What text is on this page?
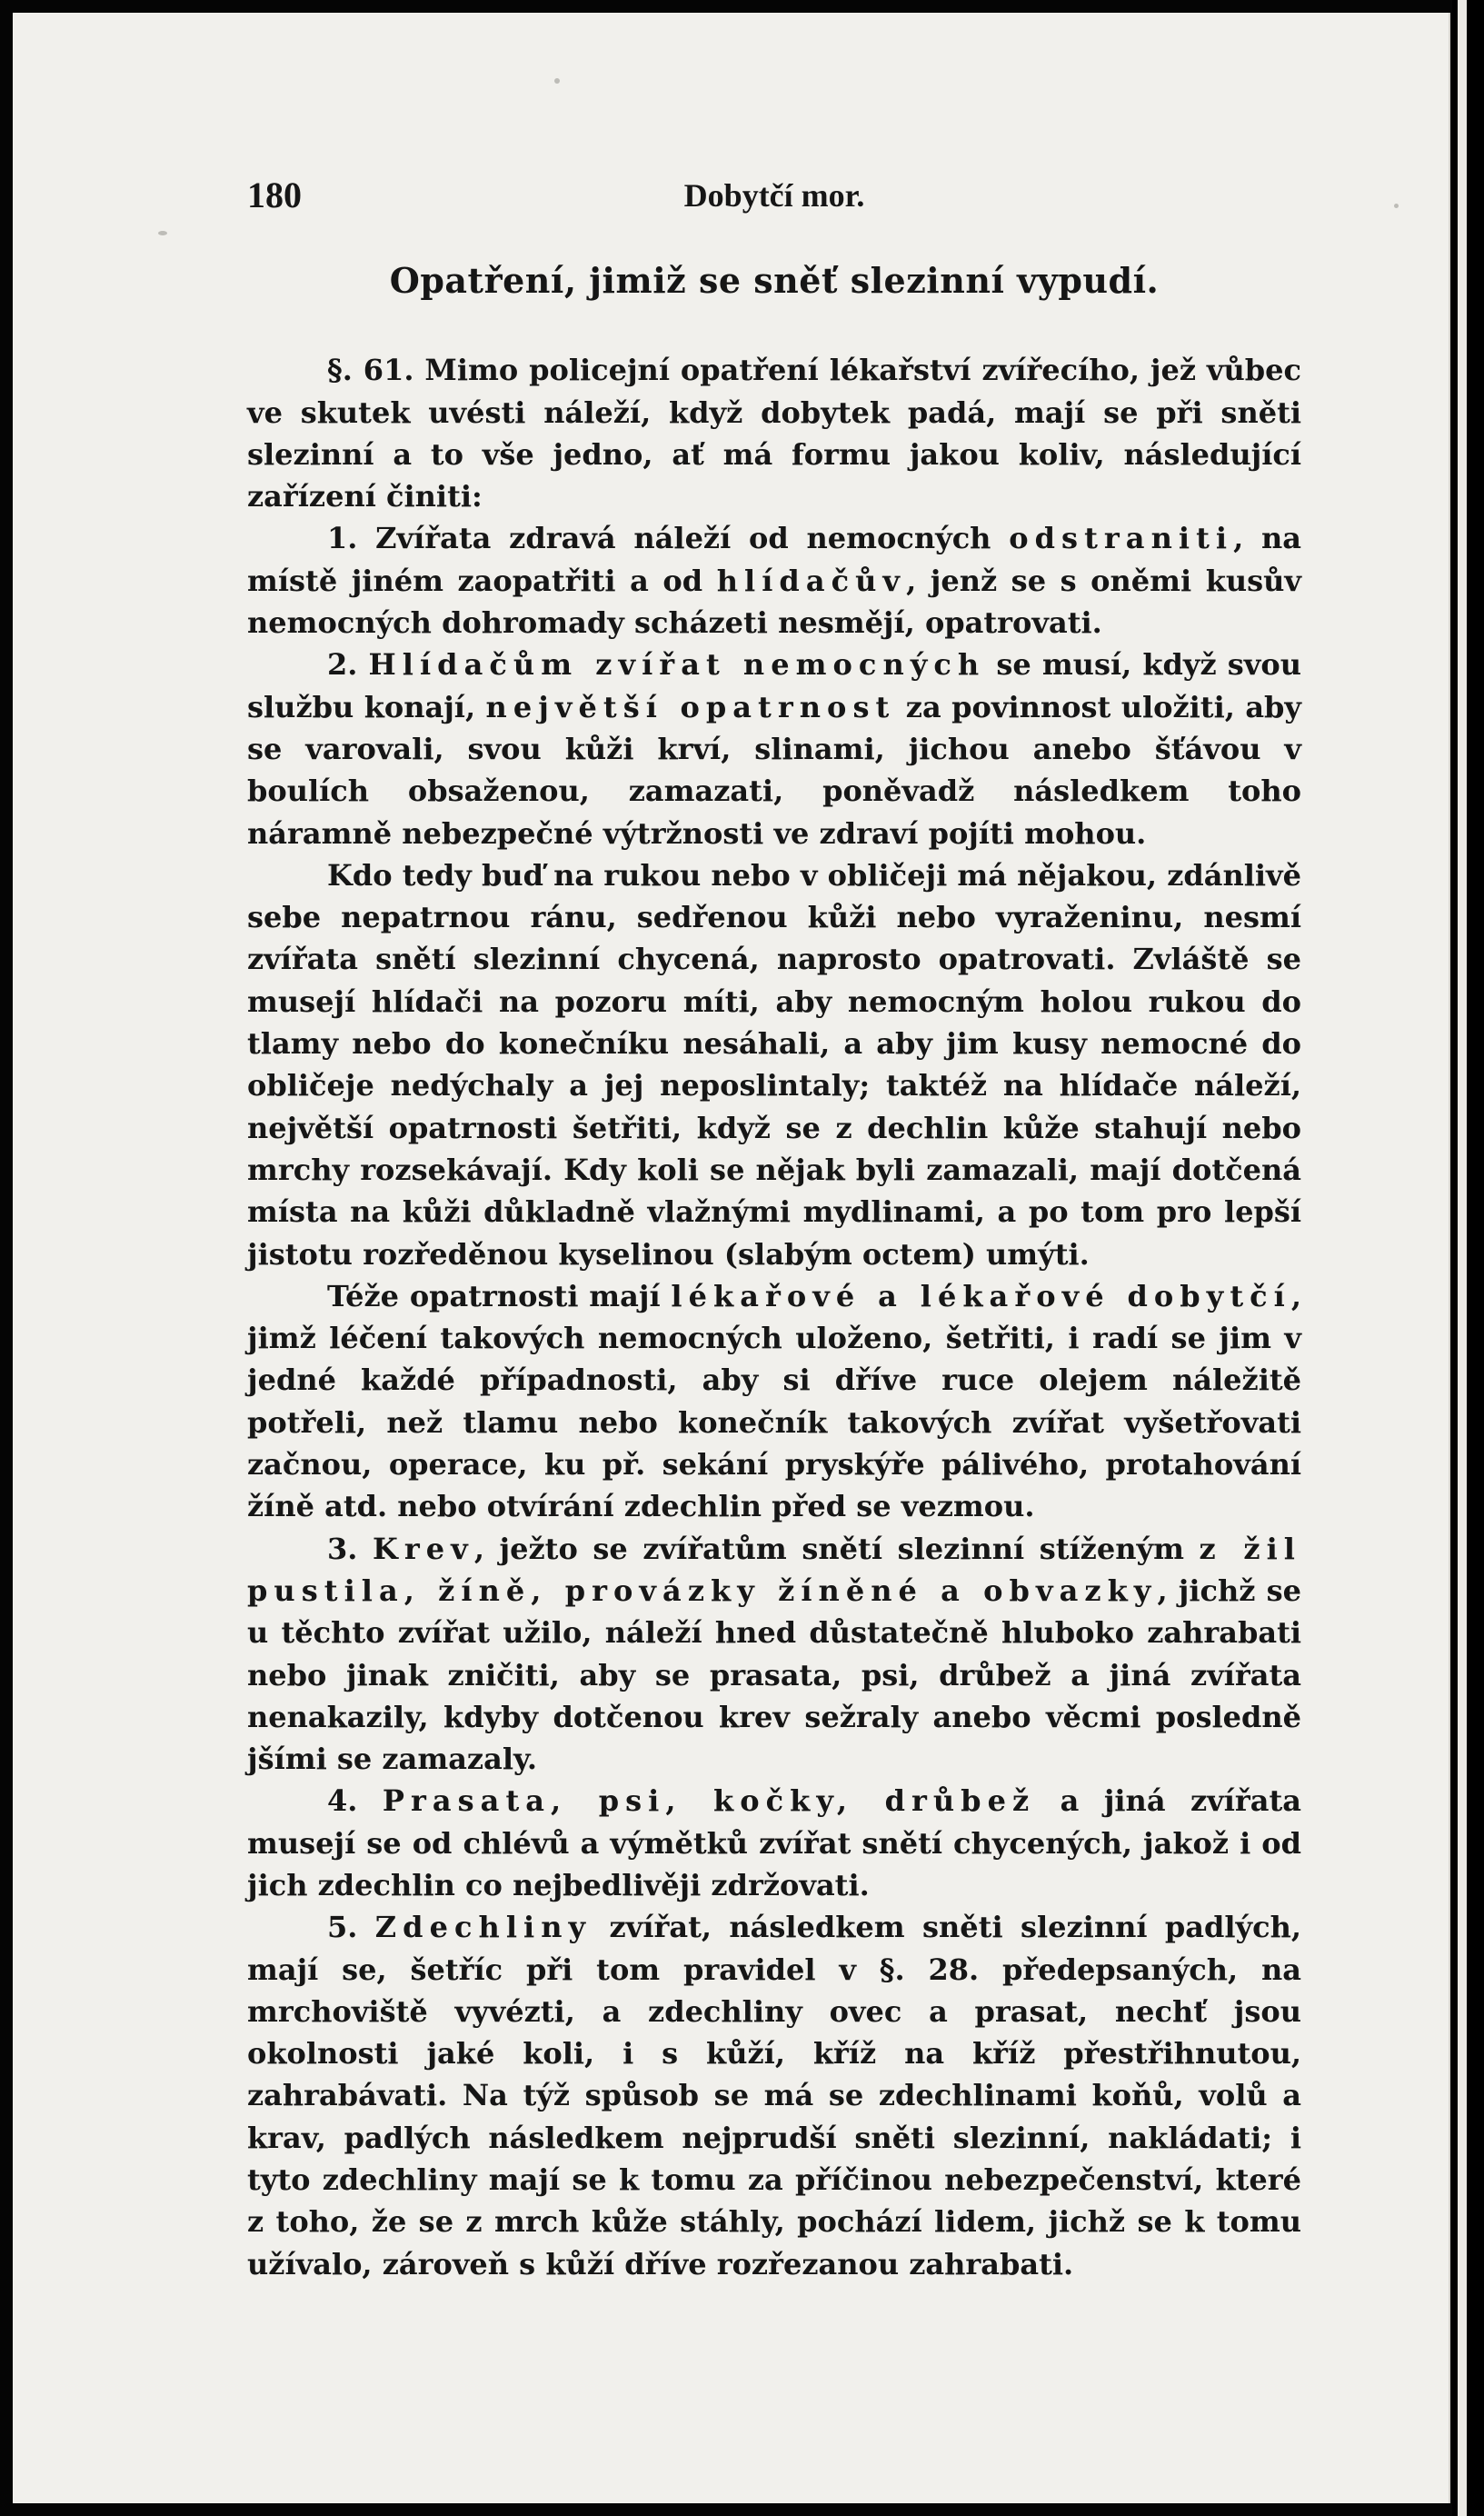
180	Dobytčí mor.
Opatření, jimiž se sněť slezinní vypudí.

§. 61. Mimo policejní opatření lékařství zvířecího, jež vůbec ve skutek uvésti náleží, když dobytek padá, mají se při sněti slezinní a to vše jedno, ať má formu jakou koliv, následující zařízení činiti:

1. Zvířata zdravá náleží od nemocných odstraniti, na místě jiném zaopatřiti a od hlídačův, jenž se s oněmi kusův nemocných dohromady scházeti nesmějí, opatrovati.

2. Hlídačům zvířat nemocných se musí, když svou službu konají, největší opatrnost za povinnost uložiti, aby se varovali, svou kůži krví, slinami, jichou anebo šťávou v boulích obsaženou, zamazati, poněvadž následkem toho náramně nebezpečné výtržnosti ve zdraví pojíti mohou.

Kdo tedy buď na rukou nebo v obličeji má nějakou, zdánlivě sebe nepatrnou ránu, sedřenou kůži nebo vyraženinu, nesmí zvířata snětí slezinní chycená, naprosto opatrovati. Zvláště se musejí hlídači na pozoru míti, aby nemocným holou rukou do tlamy nebo do konečníku nesáhali, a aby jim kusy nemocné do obličeje nedýchaly a jej neposlintaly; taktéž na hlídače náleží, největší opatrnosti šetřiti, když se z dechlin kůže stahují nebo mrchy rozsekávají. Kdy koli se nějak byli zamazali, mají dotčená místa na kůži důkladně vlažnými mydlinami, a po tom pro lepší jistotu rozředěnou kyselinou (slabým octem) umýti.

Téže opatrnosti mají lékařové a lékařové dobytčí, jimž léčení takových nemocných uloženo, šetřiti, i radí se jim v jedné každé případnosti, aby si dříve ruce olejem náležitě potřeli, než tlamu nebo konečník takových zvířat vyšetřovati začnou, operace, ku př. sekání pryskýře pálivého, protahování žíně atd. nebo otvírání zdechlin před se vezmou.

3. Krev, ježto se zvířatům snětí slezinní stíženým z žil pustila, žíně, provázky žíněné a obvazky, jichž se u těchto zvířat užilo, náleží hned důstatečně hluboko zahrabati nebo jinak zničiti, aby se prasata, psi, drůbež a jiná zvířata nenakazily, kdyby dotčenou krev sežraly anebo věcmi posledně jšími se zamazaly.

4. Prasata, psi, kočky, drůbež a jiná zvířata musejí se od chlévů a výmětků zvířat snětí chycených, jakož i od jich zdechlin co nejbedlivěji zdržovati.

5. Zdechliny zvířat, následkem sněti slezinní padlých, mají se, šetříc při tom pravidel v §. 28. předepsaných, na mrchoviště vyvézti, a zdechliny ovec a prasat, nechť jsou okolnosti jaké koli, i s kůží, kříž na kříž přestřihnutou, zahrabávati. Na týž spůsob se má se zdechlinami koňů, volů a krav, padlých následkem nejprudší sněti slezinní, nakládati; i tyto zdechliny mají se k tomu za příčinou nebezpečenství, které z toho, že se z mrch kůže stáhly, pochází lidem, jichž se k tomu užívalo, zároveň s kůží dříve rozřezanou zahrabati.
